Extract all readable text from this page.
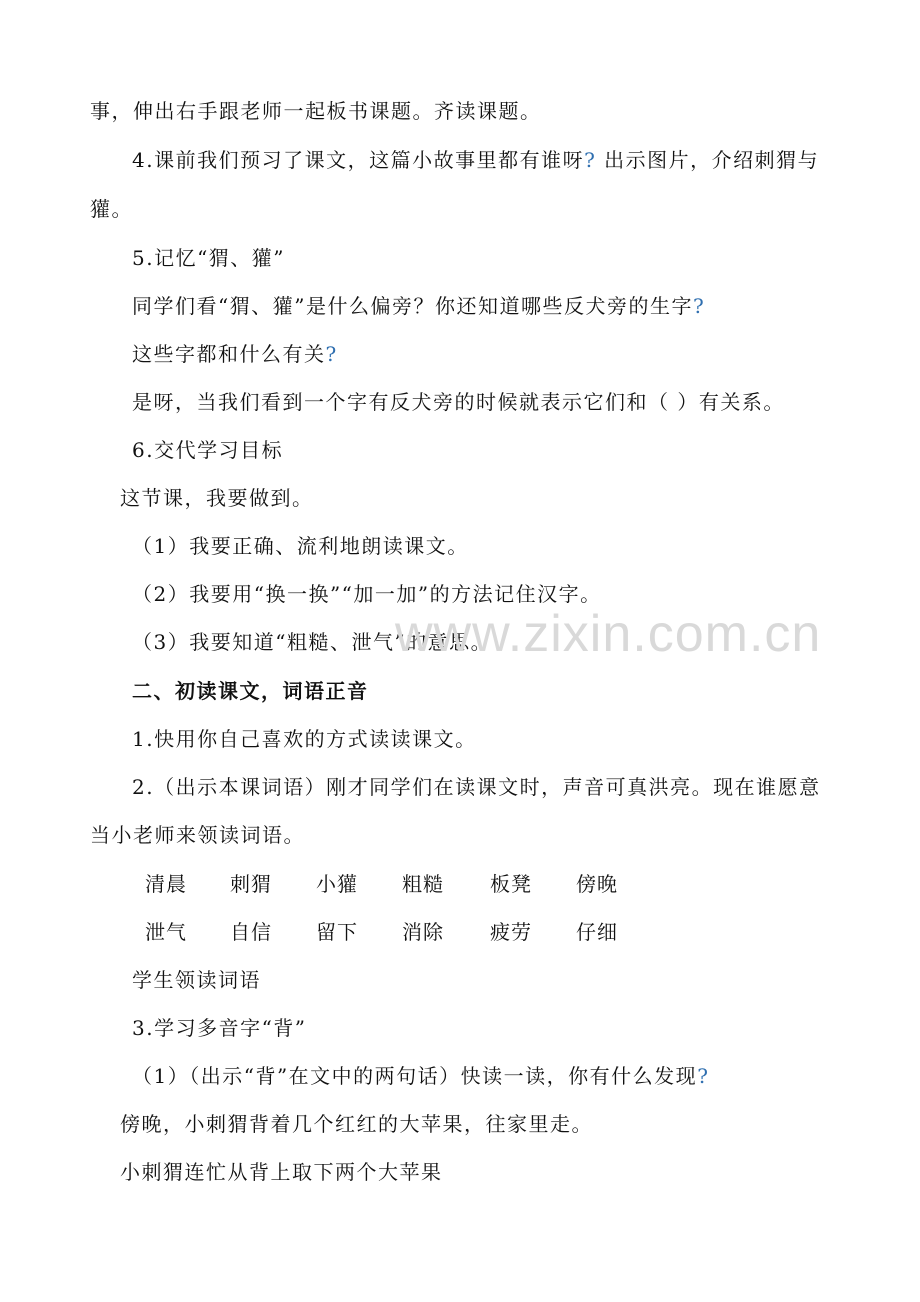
事，伸出右手跟老师一起板书课题。齐读课题。
4.课前我们预习了课文，这篇小故事里都有谁呀? 出示图片，介绍刺猬与
獾。
5.记忆“猬、獾”
同学们看“猬、獾”是什么偏旁？你还知道哪些反犬旁的生字?
这些字都和什么有关?
是呀，当我们看到一个字有反犬旁的时候就表示它们和（ ）有关系。
6.交代学习目标
这节课，我要做到。
（1）我要正确、流利地朗读课文。
（2）我要用“换一换”“加一加”的方法记住汉字。
（3）我要知道“粗糙、泄气”的意思。
二、初读课文，词语正音
1.快用你自己喜欢的方式读读课文。
2.（出示本课词语）刚才同学们在读课文时，声音可真洪亮。现在谁愿意
当小老师来领读词语。
清晨 刺猬 小獾 粗糙 板凳 傍晚
泄气 自信 留下 消除 疲劳 仔细
学生领读词语
3.学习多音字“背”
（1）（出示“背”在文中的两句话）快读一读，你有什么发现?
傍晚，小刺猬背着几个红红的大苹果，往家里走。
小刺猬连忙从背上取下两个大苹果
www.zixin.com.cn
